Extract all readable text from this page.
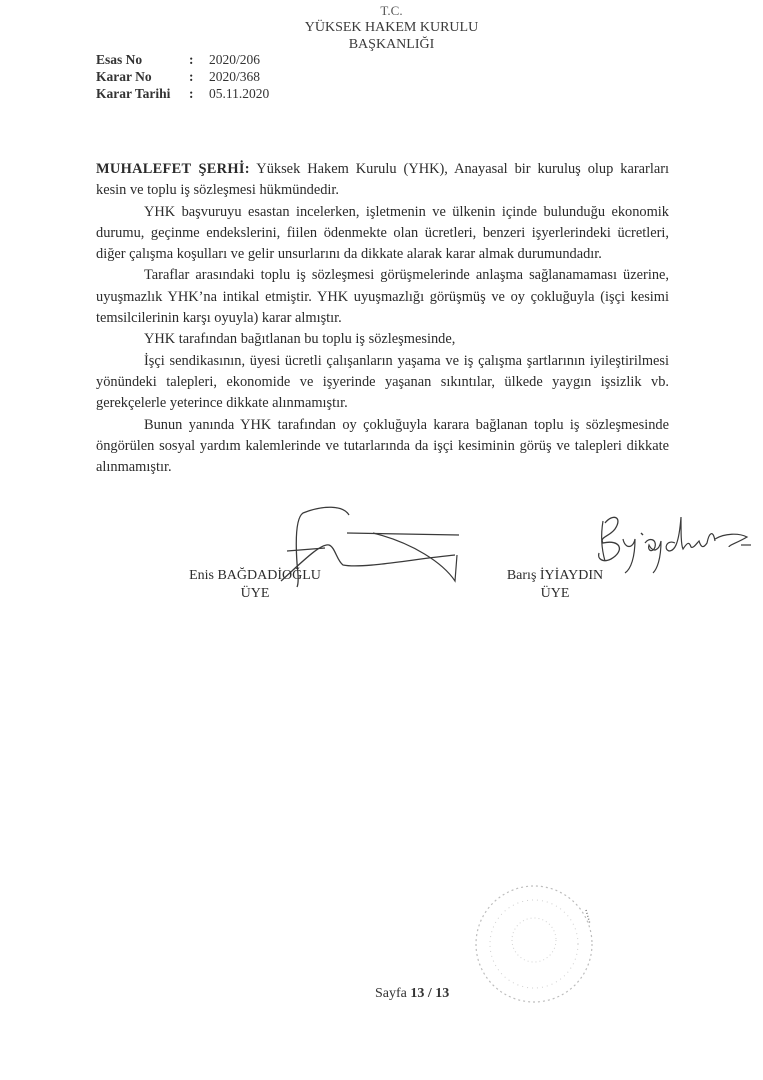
T.C.
YÜKSEK HAKEM KURULU
BAŞKANLIĞI
Esas No	:	2020/206
Karar No	:	2020/368
Karar Tarihi	:	05.11.2020

MUHALEFET ŞERHİ: Yüksek Hakem Kurulu (YHK), Anayasal bir kuruluş olup kararları kesin ve toplu iş sözleşmesi hükmündedir.

YHK başvuruyu esastan incelerken, işletmenin ve ülkenin içinde bulunduğu ekonomik durumu, geçinme endekslerini, fiilen ödenmekte olan ücretleri, benzeri işyerlerindeki ücretleri, diğer çalışma koşulları ve gelir unsurlarını da dikkate alarak karar almak durumundadır.

Taraflar arasındaki toplu iş sözleşmesi görüşmelerinde anlaşma sağlanamaması üzerine, uyuşmazlık YHK’na intikal etmiştir. YHK uyuşmazlığı görüşmüş ve oy çokluğuyla (işçi kesimi temsilcilerinin karşı oyuyla) karar almıştır.

YHK tarafından bağıtlanan bu toplu iş sözleşmesinde,

İşçi sendikasının, üyesi ücretli çalışanların yaşama ve iş çalışma şartlarının iyileştirilmesi yönündeki talepleri, ekonomide ve işyerinde yaşanan sıkıntılar, ülkede yaygın işsizlik vb. gerekçelerle yeterince dikkate alınmamıştır.

Bunun yanında YHK tarafından oy çokluğuyla karara bağlanan toplu iş sözleşmesinde öngörülen sosyal yardım kalemlerinde ve tutarlarında da işçi kesiminin görüş ve talepleri dikkate alınmamıştır.

Enis BAĞDADİOĞLU
ÜYE
Barış İYİAYDIN
ÜYE
Sayfa 13 / 13
